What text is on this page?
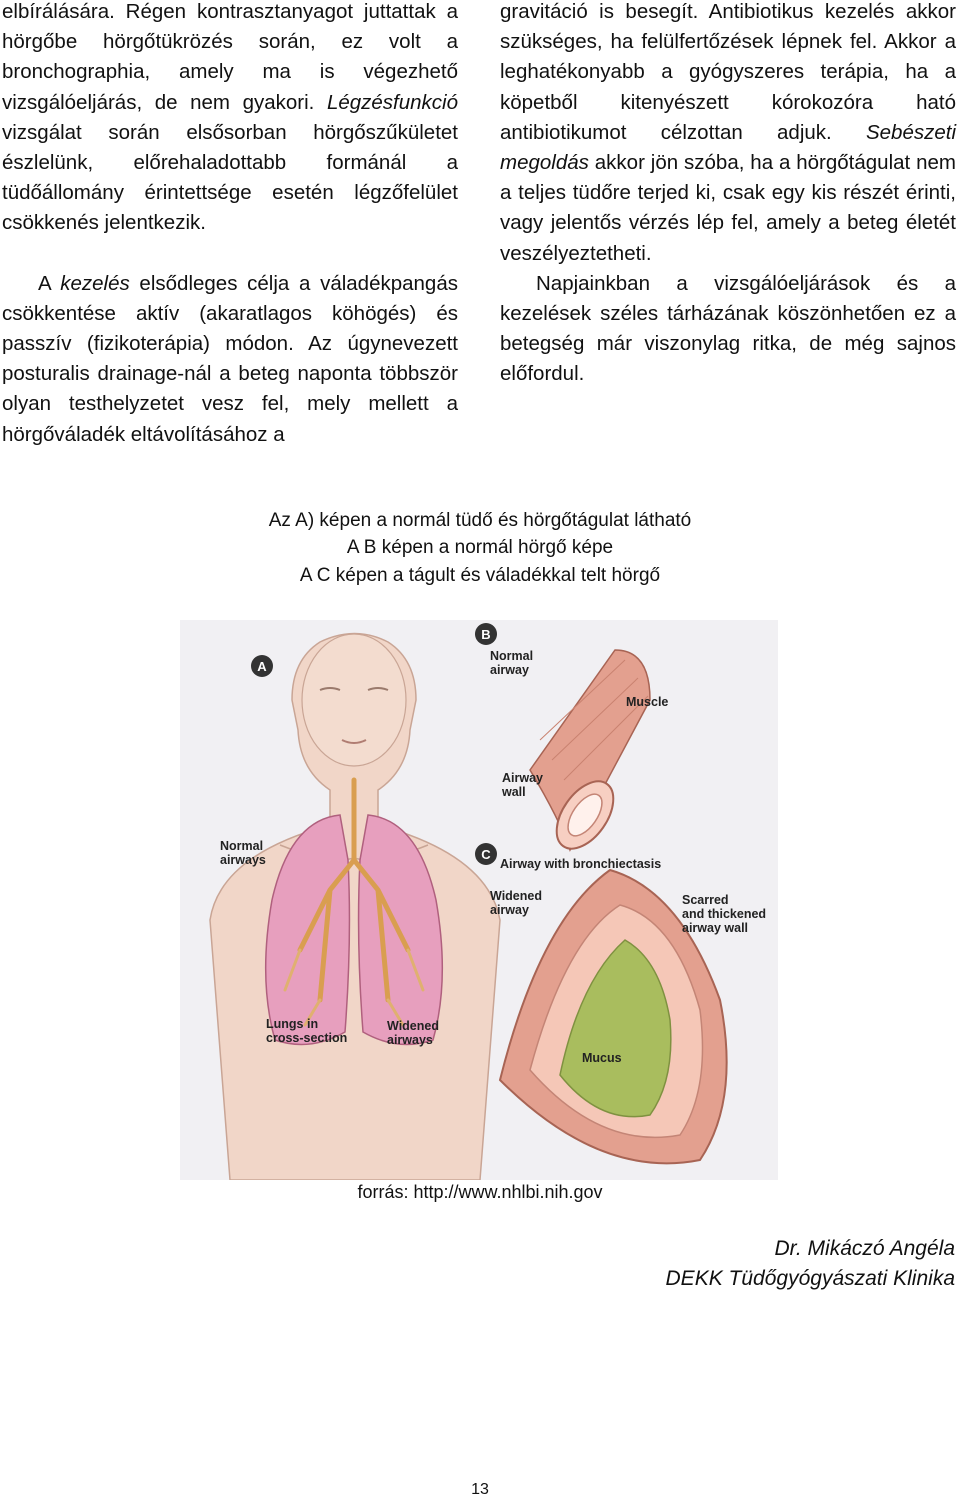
elbírálására. Régen kontrasztanyagot juttattak a hörgőbe hörgőtükrözés során, ez volt a bronchographia, amely ma is végezhető vizsgálóeljárás, de nem gyakori. Légzésfunkció vizsgálat során elsősorban hörgőszűkületet észlelünk, előrehaladottabb formánál a tüdőállomány érintettsége esetén légzőfelület csökkenés jelentkezik.

A kezelés elsődleges célja a váladékpangás csökkentése aktív (akaratlagos köhögés) és passzív (fizikoterápia) módon. Az úgynevezett posturalis drainage-nál a beteg naponta többször olyan testhelyzetet vesz fel, mely mellett a hörgőváladék eltávolításához a

gravitáció is besegít. Antibiotikus kezelés akkor szükséges, ha felülfertőzések lépnek fel. Akkor a leghatékonyabb a gyógyszeres terápia, ha a köpetből kitenyészett kórokozóra ható antibiotikumot célzottan adjuk. Sebészeti megoldás akkor jön szóba, ha a hörgőtágulat nem a teljes tüdőre terjed ki, csak egy kis részét érinti, vagy jelentős vérzés lép fel, amely a beteg életét veszélyeztetheti.

Napjainkban a vizsgálóeljárások és a kezelések széles tárházának köszönhetően ez a betegség már viszonylag ritka, de még sajnos előfordul.

Az A) képen a normál tüdő és hörgőtágulat látható
A B képen a normál hörgő képe
A C képen a tágult és váladékkal telt hörgő
A
B
C
Normal airways
Lungs in cross-section
Widened airways
Normal airway
Muscle
Airway wall
Airway with bronchiectasis
Widened airway
Scarred and thickened airway wall
Mucus
forrás: http://www.nhlbi.nih.gov
Dr. Mikáczó Angéla
DEKK Tüdőgyógyászati Klinika
13
